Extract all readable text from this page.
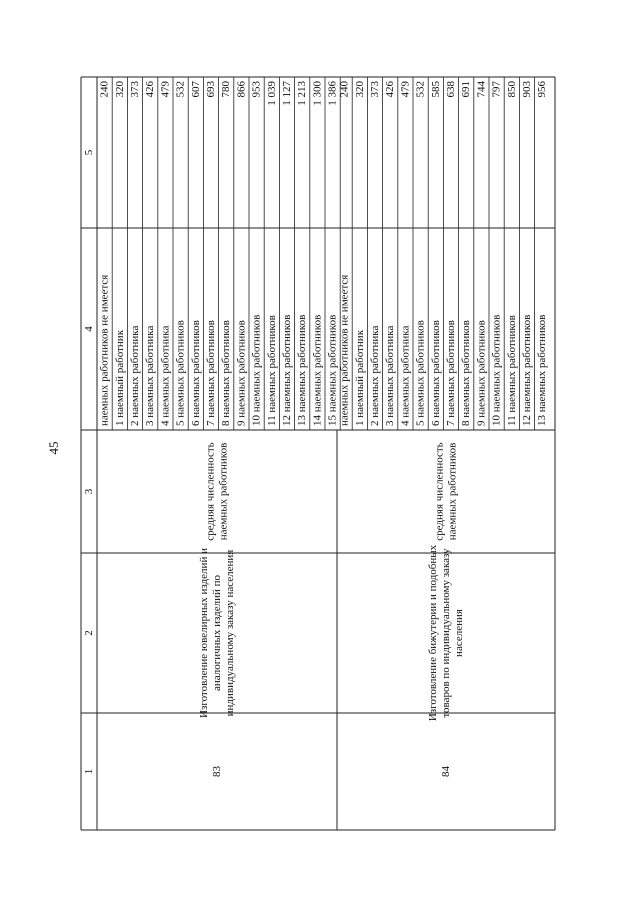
45
1
2
3
4
5
наемных работников не имеется
240
1 наемный работник
320
2 наемных работника
373
3 наемных работника
426
4 наемных работника
479
5 наемных работников
532
6 наемных работников
607
7 наемных работников
693
8 наемных работников
780
9 наемных работников
866
10 наемных работников
953
11 наемных работников
1 039
12 наемных работников
1 127
13 наемных работников
1 213
14 наемных работников
1 300
15 наемных работников
1 386
83
Изготовление ювелирных изделий и аналогичных изделий по индивидуальному заказу населения
средняя численность наемных работников
наемных работников не имеется
240
1 наемный работник
320
2 наемных работника
373
3 наемных работника
426
4 наемных работника
479
5 наемных работников
532
6 наемных работников
585
7 наемных работников
638
8 наемных работников
691
9 наемных работников
744
10 наемных работников
797
11 наемных работников
850
12 наемных работников
903
13 наемных работников
956
84
Изготовление бижутерии и подобных товаров по индивидуальному заказу населения
средняя численность наемных работников
